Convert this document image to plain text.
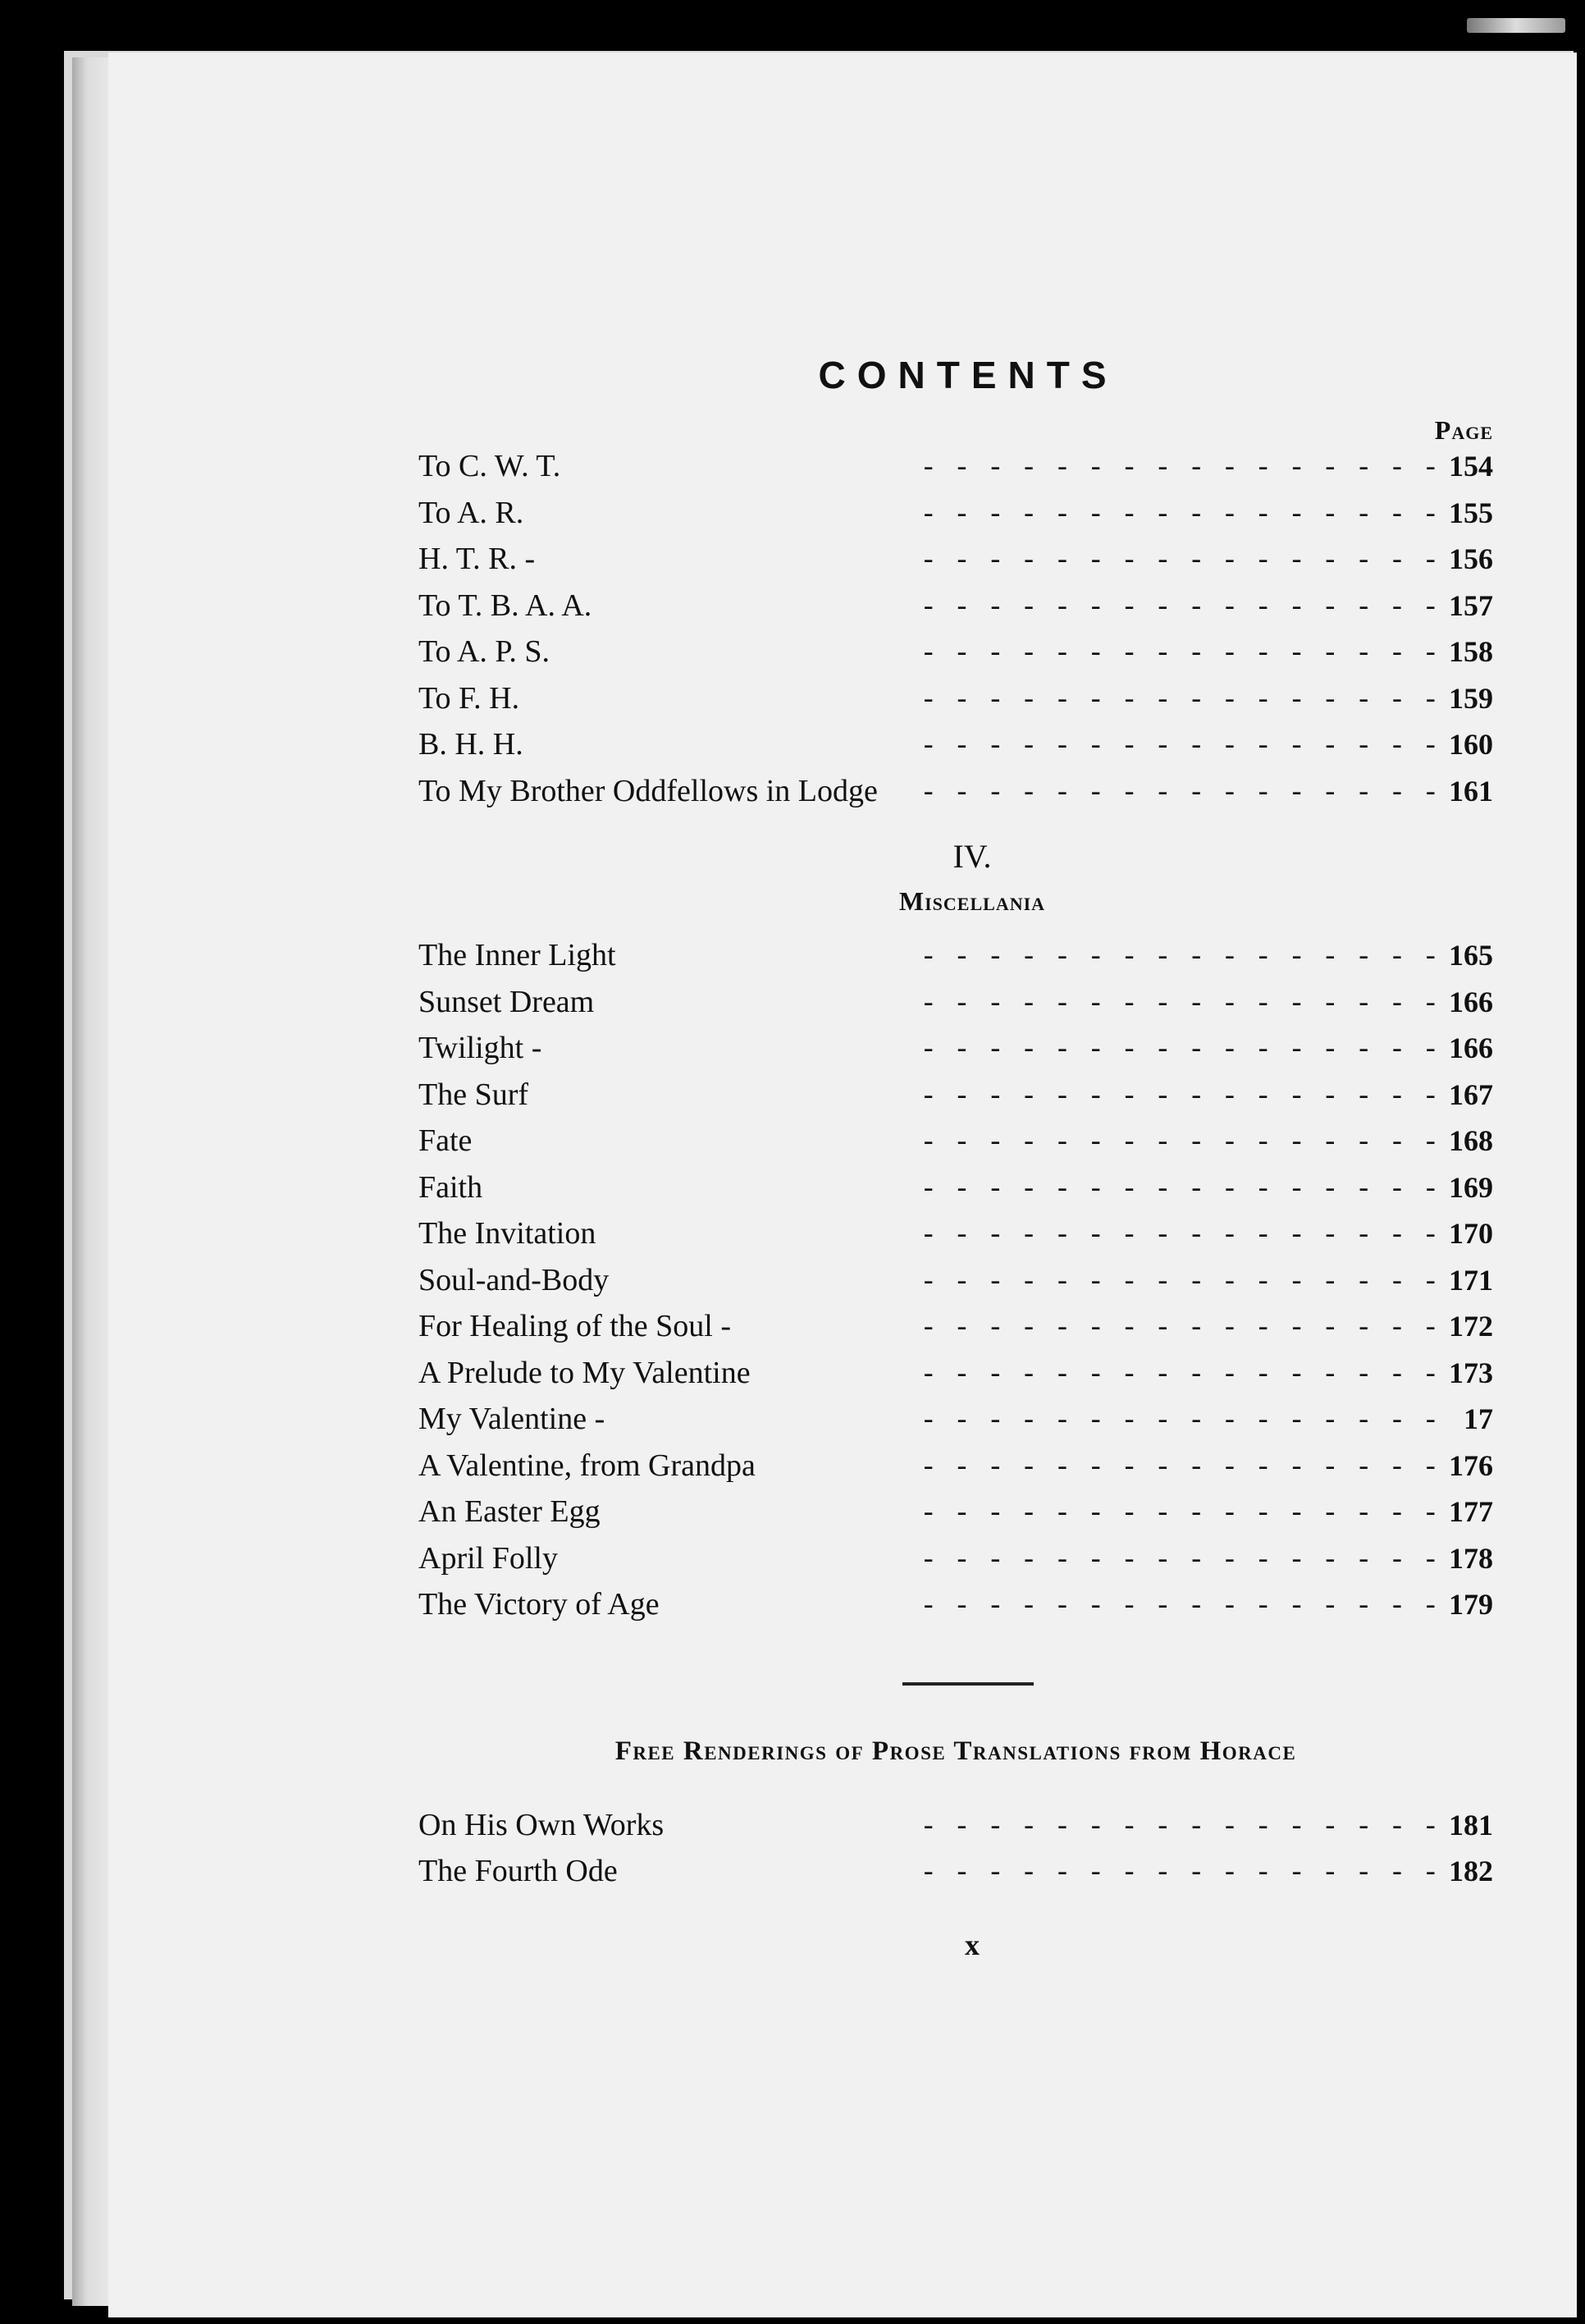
CONTENTS
Page
To C. W. T.	- - - - - - - - - - - - - - - - 154
To A. R.	- - - - - - - - - - - - - - - - 155
H. T. R. -	- - - - - - - - - - - - - - - - 156
To T. B. A. A.	- - - - - - - - - - - - - - - - 157
To A. P. S.	- - - - - - - - - - - - - - - - 158
To F. H.	- - - - - - - - - - - - - - - - 159
B. H. H.	- - - - - - - - - - - - - - - - 160
To My Brother Oddfellows in Lodge	- - - - - - - - - - - - - - - - 161
IV.
Miscellania
The Inner Light	- - - - - - - - - - - - - - - - 165
Sunset Dream	- - - - - - - - - - - - - - - - 166
Twilight -	- - - - - - - - - - - - - - - - 166
The Surf	- - - - - - - - - - - - - - - - 167
Fate	- - - - - - - - - - - - - - - - 168
Faith	- - - - - - - - - - - - - - - - 169
The Invitation	- - - - - - - - - - - - - - - - 170
Soul-and-Body	- - - - - - - - - - - - - - - - 171
For Healing of the Soul -	- - - - - - - - - - - - - - - - 172
A Prelude to My Valentine	- - - - - - - - - - - - - - - - 173
My Valentine -	- - - - - - - - - - - - - - - - 17
A Valentine, from Grandpa	- - - - - - - - - - - - - - - - 176
An Easter Egg	- - - - - - - - - - - - - - - - 177
April Folly	- - - - - - - - - - - - - - - - 178
The Victory of Age	- - - - - - - - - - - - - - - - 179
Free Renderings of Prose Translations from Horace
On His Own Works	- - - - - - - - - - - - - - - - 181
The Fourth Ode	- - - - - - - - - - - - - - - - 182
x
